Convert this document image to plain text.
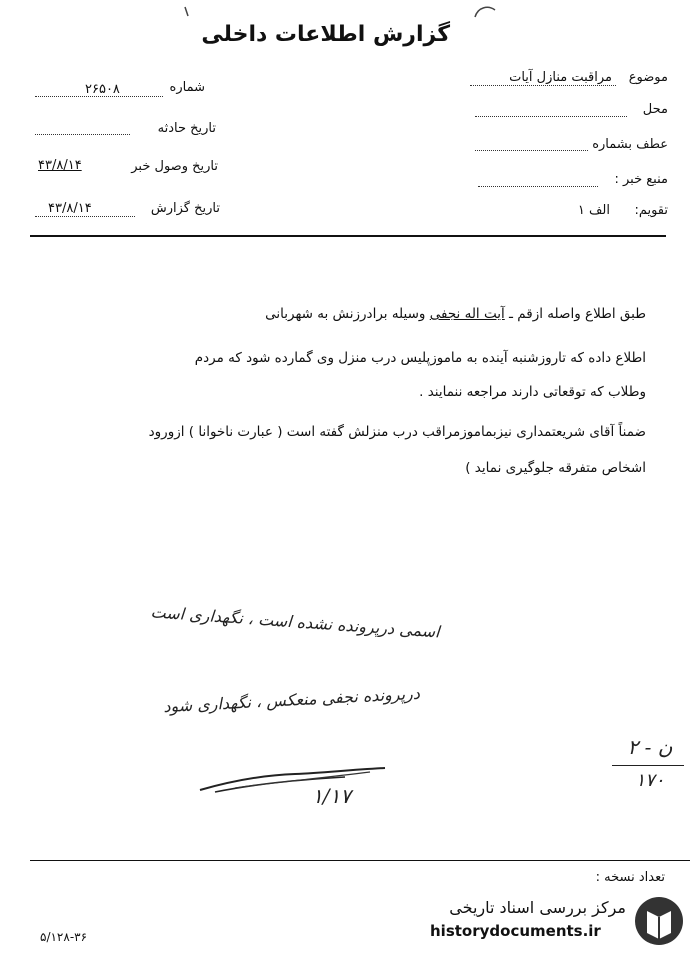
گزارش اطلاعات داخلی
شماره
۲۶۵۰۸
تاریخ حادثه
تاریخ وصول خبر
۴۳/۸/۱۴
تاریخ گزارش
۴۳/۸/۱۴
موضوع
مراقبت منازل آیات
محل
عطف بشماره
منبع خبر :
تقویم:
الف ۱
طبق اطلاع واصله ازقم ـ آیت اله نجفی وسیله برادرزنش به شهربانی
اطلاع داده که تاروزشنبه آینده به ماموزپلیس درب منزل وی گمارده شود که مردم
وطلاب که توقعاتی دارند مراجعه ننمایند .
ضمناً آقای شریعتمداری نیزبماموزمراقب درب منزلش گفته است ( عبارت ناخوانا ) ازورود
اشخاص متفرقه جلوگیری نماید )
اسمی درپرونده نشده است ، نگهداری است
درپرونده نجفی منعکس ، نگهداری شود
ن - ۲
۱۷۰
۱/۱۷
تعداد نسخه :
۵/۱۲۸-۳۶
مرکز بررسی اسناد تاریخی
historydocuments.ir
